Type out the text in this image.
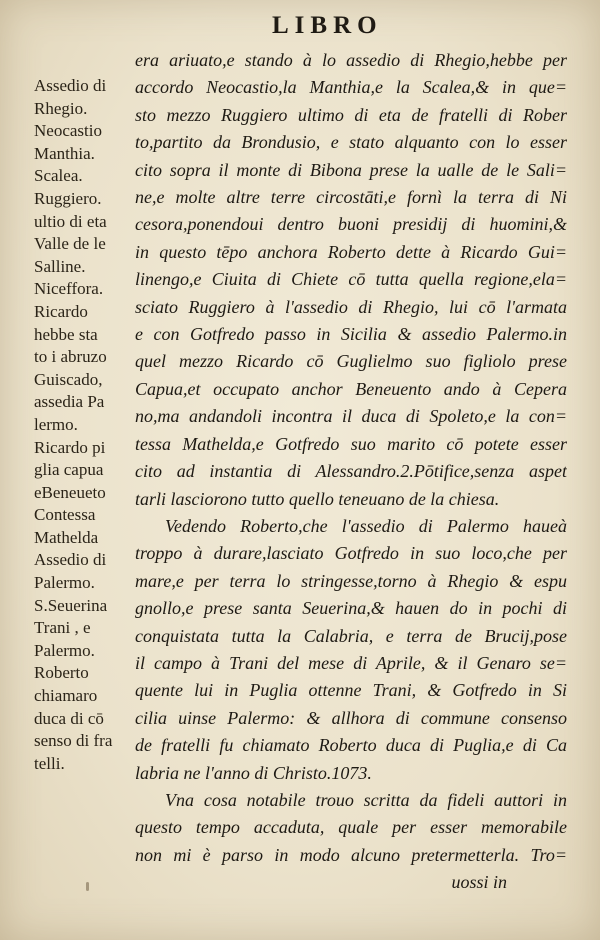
LIBRO
Assedio di
Rhegio.
Neocastio
Manthia.
Scalea.
Ruggiero.
ultio di eta
Valle de le
Salline.
Niceffora.
Ricardo
hebbe sta
to i abruzo
Guiscado,
assedia Pa
lermo.
Ricardo pi
glia capua
eBeneueto
Contessa
Mathelda
Assedio di
Palermo.
S.Seuerina
Trani , e
Palermo.
Roberto
chiamaro
duca di cō
senso di fra
telli.
era ariuato,e stando à lo assedio di Rhegio,hebbe per
accordo Neocastio,la Manthia,e la Scalea,& in que=
sto mezzo Ruggiero ultimo di eta de fratelli di Rober
to,partito da Brondusio, e stato alquanto con lo esser
cito sopra il monte di Bibona prese la ualle de le Sali=
ne,e molte altre terre circostāti,e fornì la terra di Ni
cesora,ponendoui dentro buoni presidij di huomini,&
in questo tēpo anchora Roberto dette à Ricardo Gui=
linengo,e Ciuita di Chiete cō tutta quella regione,ela=
sciato Ruggiero à l'assedio di Rhegio, lui cō l'armata
e con Gotfredo passo in Sicilia & assedio Palermo.in
quel mezzo Ricardo cō Guglielmo suo figliolo prese
Capua,et occupato anchor Beneuento ando à Cepera
no,ma andandoli incontra il duca di Spoleto,e la con=
tessa Mathelda,e Gotfredo suo marito cō potete esser
cito ad instantia di Alessandro.2.Pōtifice,senza aspet
tarli lasciorono tutto quello teneuano de la chiesa.
Vedendo Roberto,che l'assedio di Palermo haueà
troppo à durare,lasciato Gotfredo in suo loco,che per
mare,e per terra lo stringesse,torno à Rhegio & espu
gnollo,e prese santa Seuerina,& hauen do in pochi di
conquistata tutta la Calabria, e terra de Brucij,pose
il campo à Trani del mese di Aprile, & il Genaro se=
quente lui in Puglia ottenne Trani, & Gotfredo in Si
cilia uinse Palermo: & allhora di commune consenso
de fratelli fu chiamato Roberto duca di Puglia,e di Ca
labria ne l'anno di Christo.1073.
Vna cosa notabile trouo scritta da fideli auttori in
questo tempo accaduta, quale per esser memorabile
non mi è parso in modo alcuno pretermetterla. Tro=
uossi in
